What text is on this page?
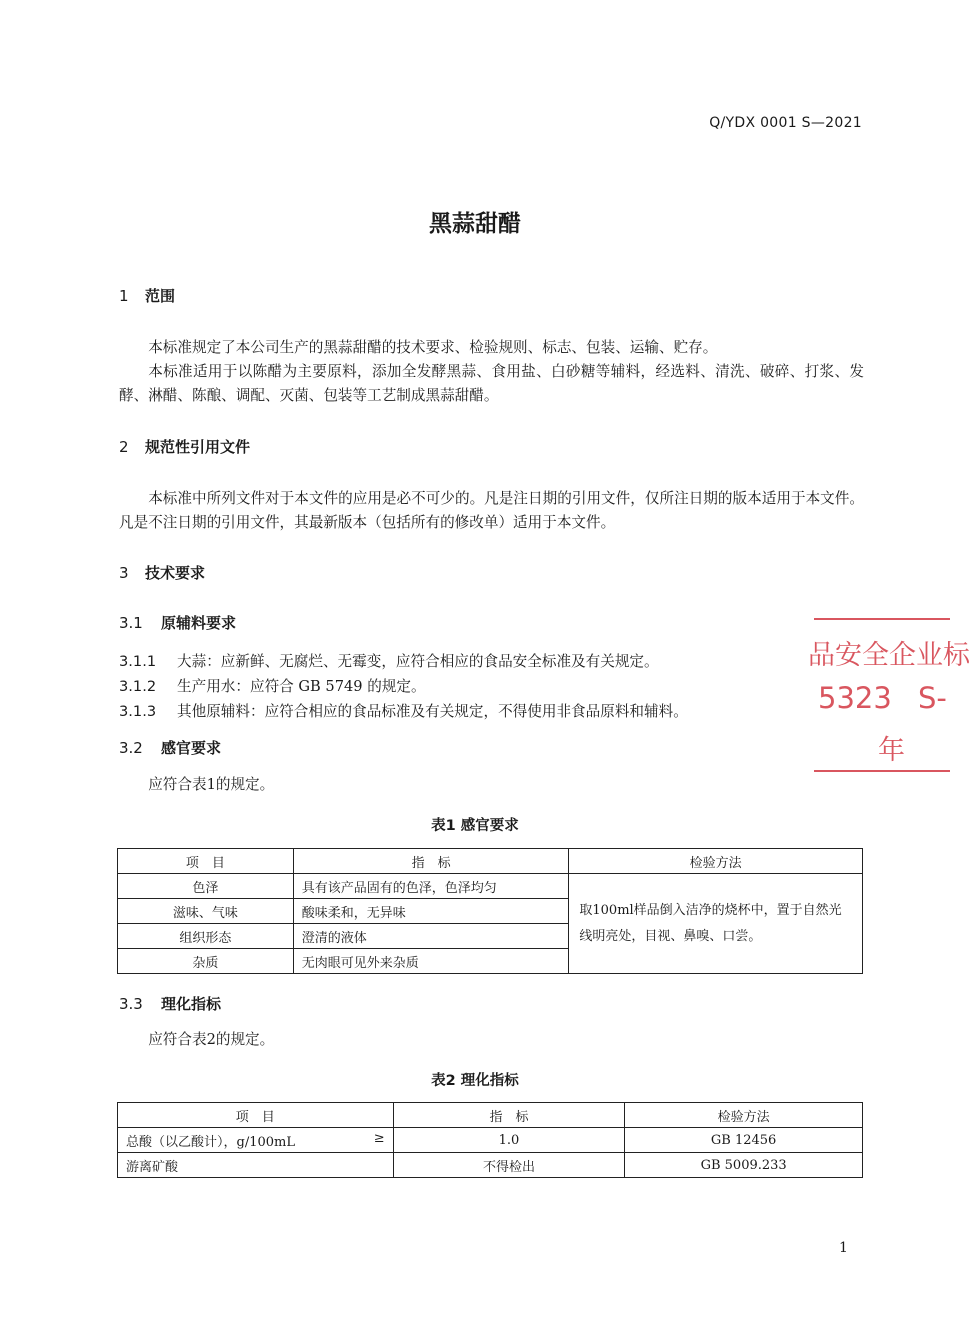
Q/YDX 0001 S—2021
黑蒜甜醋
1 范围

本标准规定了本公司生产的黑蒜甜醋的技术要求、检验规则、标志、包装、运输、贮存。

本标准适用于以陈醋为主要原料，添加全发酵黑蒜、食用盐、白砂糖等辅料，经选料、清洗、破碎、打浆、发酵、淋醋、陈酿、调配、灭菌、包装等工艺制成黑蒜甜醋。

2 规范性引用文件

本标准中所列文件对于本文件的应用是必不可少的。凡是注日期的引用文件，仅所注日期的版本适用于本文件。凡是不注日期的引用文件，其最新版本（包括所有的修改单）适用于本文件。

3 技术要求
3.1 原辅料要求
3.1.1 大蒜：应新鲜、无腐烂、无霉变，应符合相应的食品安全标准及有关规定。
3.1.2 生产用水：应符合 GB 5749 的规定。
3.1.3 其他原辅料：应符合相应的食品标准及有关规定，不得使用非食品原料和辅料。
3.2 感官要求

应符合表1的规定。

表1 感官要求
项　目	指　标	检验方法
色泽	具有该产品固有的色泽，色泽均匀	取100ml样品倒入洁净的烧杯中，置于自然光线明亮处，目视、鼻嗅、口尝。
滋味、气味	酸味柔和，无异味	
组织形态	澄清的液体	
杂质	无肉眼可见外来杂质	
3.3 理化指标

应符合表2的规定。

表2 理化指标
项　目	指　标	检验方法
总酸（以乙酸计），g/100mL ≥	1.0	GB 12456
游离矿酸	不得检出	GB 5009.233
品安全企业标
5323 S-
年
1
